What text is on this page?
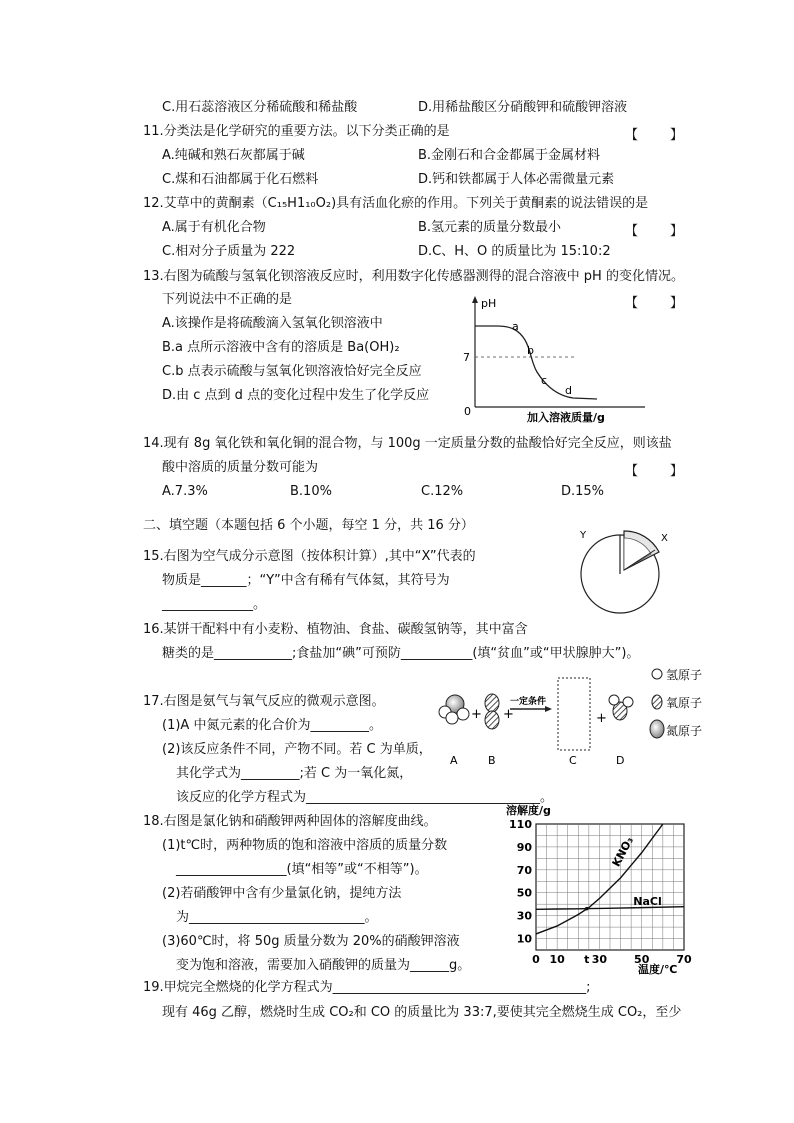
C.用石蕊溶液区分稀硫酸和稀盐酸	D.用稀盐酸区分硝酸钾和硫酸钾溶液
11.分类法是化学研究的重要方法。以下分类正确的是	【　　】
A.纯碱和熟石灰都属于碱	B.金刚石和合金都属于金属材料
C.煤和石油都属于化石燃料	D.钙和铁都属于人体必需微量元素
12.艾草中的黄酮素（C₁₅H1₁₀O₂)具有活血化瘀的作用。下列关于黄酮素的说法错误的是
【　　】
A.属于有机化合物	B.氢元素的质量分数最小
C.相对分子质量为 222	D.C、H、O 的质量比为 15:10:2
13.右图为硫酸与氢氧化钡溶液反应时，利用数字化传感器测得的混合溶液中 pH 的变化情况。
下列说法中不正确的是	【　　】
A.该操作是将硫酸滴入氢氧化钡溶液中
B.a 点所示溶液中含有的溶质是 Ba(OH)₂
C.b 点表示硫酸与氢氧化钡溶液恰好完全反应
D.由 c 点到 d 点的变化过程中发生了化学反应
pH
7
0
a
b
c
d
加入溶液质量/g
14.现有 8g 氧化铁和氧化铜的混合物，与 100g 一定质量分数的盐酸恰好完全反应，则该盐
酸中溶质的质量分数可能为	【　　】
A.7.3%	B.10%	C.12%	D.15%
二、填空题（本题包括 6 个小题，每空 1 分，共 16 分）
15.右图为空气成分示意图（按体积计算）,其中“X”代表的
物质是_______；“Y”中含有稀有气体氦，其符号为
______________。
X
Y
16.某饼干配料中有小麦粉、植物油、食盐、碳酸氢钠等，其中富含
糖类的是____________;食盐加“碘”可预防___________(填“贫血”或“甲状腺肿大”)。
17.右图是氨气与氧气反应的微观示意图。
(1)A 中氮元素的化合价为_________。
(2)该反应条件不同，产物不同。若 C 为单质，
其化学式为_________;若 C 为一氧化氮，
该反应的化学方程式为____________________________________。
+ +
一定条件
+
A	B	C	D
氢原子
氧原子
氮原子
18.右图是氯化钠和硝酸钾两种固体的溶解度曲线。
(1)t℃时，两种物质的饱和溶液中溶质的质量分数
_________________(填“相等”或“不相等”)。
(2)若硝酸钾中含有少量氯化钠，提纯方法
为___________________________。
(3)60℃时，将 50g 质量分数为 20%的硝酸钾溶液
变为饱和溶液，需要加入硝酸钾的质量为______g。
KNO₃
NaCl
10
30
50
70
90
110
0 10 t 30 50 70
溶解度/g
温度/℃
19.甲烷完全燃烧的化学方程式为_______________________________________;
现有 46g 乙醇，燃烧时生成 CO₂和 CO 的质量比为 33:7,要使其完全燃烧生成 CO₂，至少
